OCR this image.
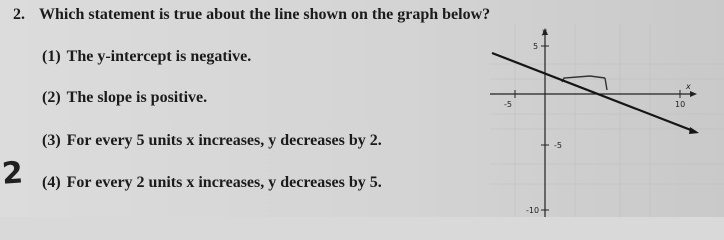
2. Which statement is true about the line shown on the graph below?
(1) The y-intercept is negative.
(2) The slope is positive.
(3) For every 5 units x increases, y decreases by 2.
(4) For every 2 units x increases, y decreases by 5.
2
y
x
5
-5	10
-5
-10
